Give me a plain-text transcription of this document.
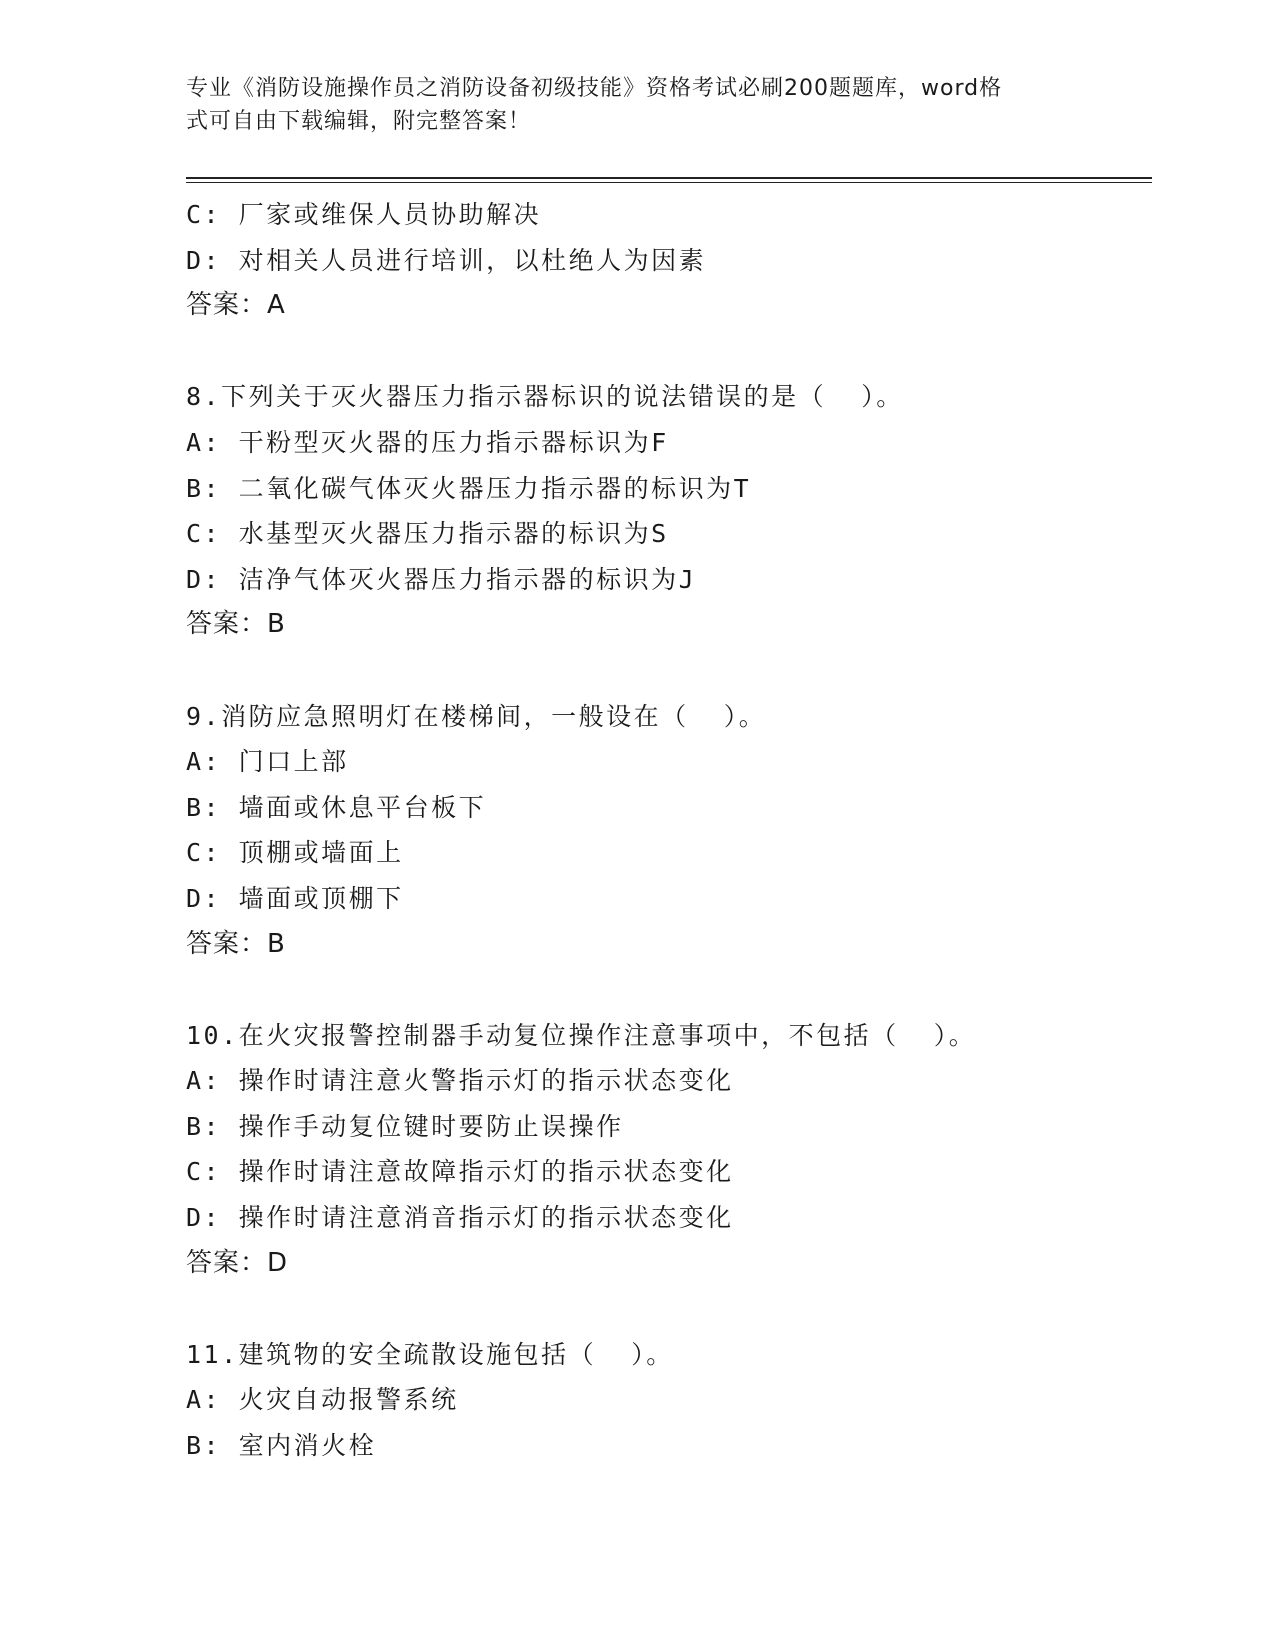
专业《消防设施操作员之消防设备初级技能》资格考试必刷200题题库，word格
式可自由下载编辑，附完整答案！
C: 厂家或维保人员协助解决
D: 对相关人员进行培训，以杜绝人为因素
答案：A
8.下列关于灭火器压力指示器标识的说法错误的是（  ）。
A: 干粉型灭火器的压力指示器标识为F
B: 二氧化碳气体灭火器压力指示器的标识为T
C: 水基型灭火器压力指示器的标识为S
D: 洁净气体灭火器压力指示器的标识为J
答案：B
9.消防应急照明灯在楼梯间，一般设在（  ）。
A: 门口上部
B: 墙面或休息平台板下
C: 顶棚或墙面上
D: 墙面或顶棚下
答案：B
10.在火灾报警控制器手动复位操作注意事项中，不包括（  ）。
A: 操作时请注意火警指示灯的指示状态变化
B: 操作手动复位键时要防止误操作
C: 操作时请注意故障指示灯的指示状态变化
D: 操作时请注意消音指示灯的指示状态变化
答案：D
11.建筑物的安全疏散设施包括（  ）。
A: 火灾自动报警系统
B: 室内消火栓
